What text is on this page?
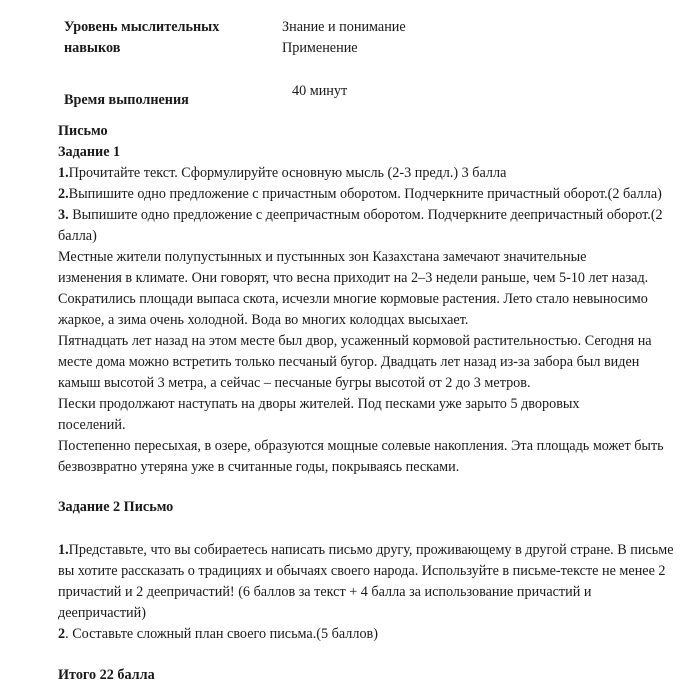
Уровень мыслительных
навыков
Знание и понимание
Применение
40 минут
Время выполнения
Письмо
Задание 1
1.Прочитайте текст. Сформулируйте основную мысль (2-3 предл.) 3 балла
2.Выпишите одно предложение с причастным оборотом. Подчеркните причастный оборот.(2 балла)
3. Выпишите одно предложение с деепричастным оборотом. Подчеркните деепричастный оборот.(2
балла)
Местные жители полупустынных и пустынных зон Казахстана замечают значительные
изменения в климате. Они говорят, что весна приходит на 2–3 недели раньше, чем 5-10 лет назад.
Сократились площади выпаса скота, исчезли многие кормовые растения. Лето стало невыносимо
жаркое, а зима очень холодной. Вода во многих колодцах высыхает.
Пятнадцать лет назад на этом месте был двор, усаженный кормовой растительностью. Сегодня на
месте дома можно встретить только песчаный бугор. Двадцать лет назад из-за забора был виден
камыш высотой 3 метра, а сейчас – песчаные бугры высотой от 2 до 3 метров.
Пески продолжают наступать на дворы жителей. Под песками уже зарыто 5 дворовых
поселений.
Постепенно пересыхая, в озере, образуются мощные солевые накопления. Эта площадь может быть
безвозвратно утеряна уже в считанные годы, покрываясь песками.
Задание 2 Письмо
1.Представьте, что вы собираетесь написать письмо другу, проживающему в другой стране. В письме
вы хотите рассказать о традициях и обычаях своего народа. Используйте в письме-тексте не менее 2
причастий и 2 деепричастий! (6 баллов за текст + 4 балла за использование причастий и
деепричастий)
2. Составьте сложный план своего письма.(5 баллов)
Итого 22 балла
